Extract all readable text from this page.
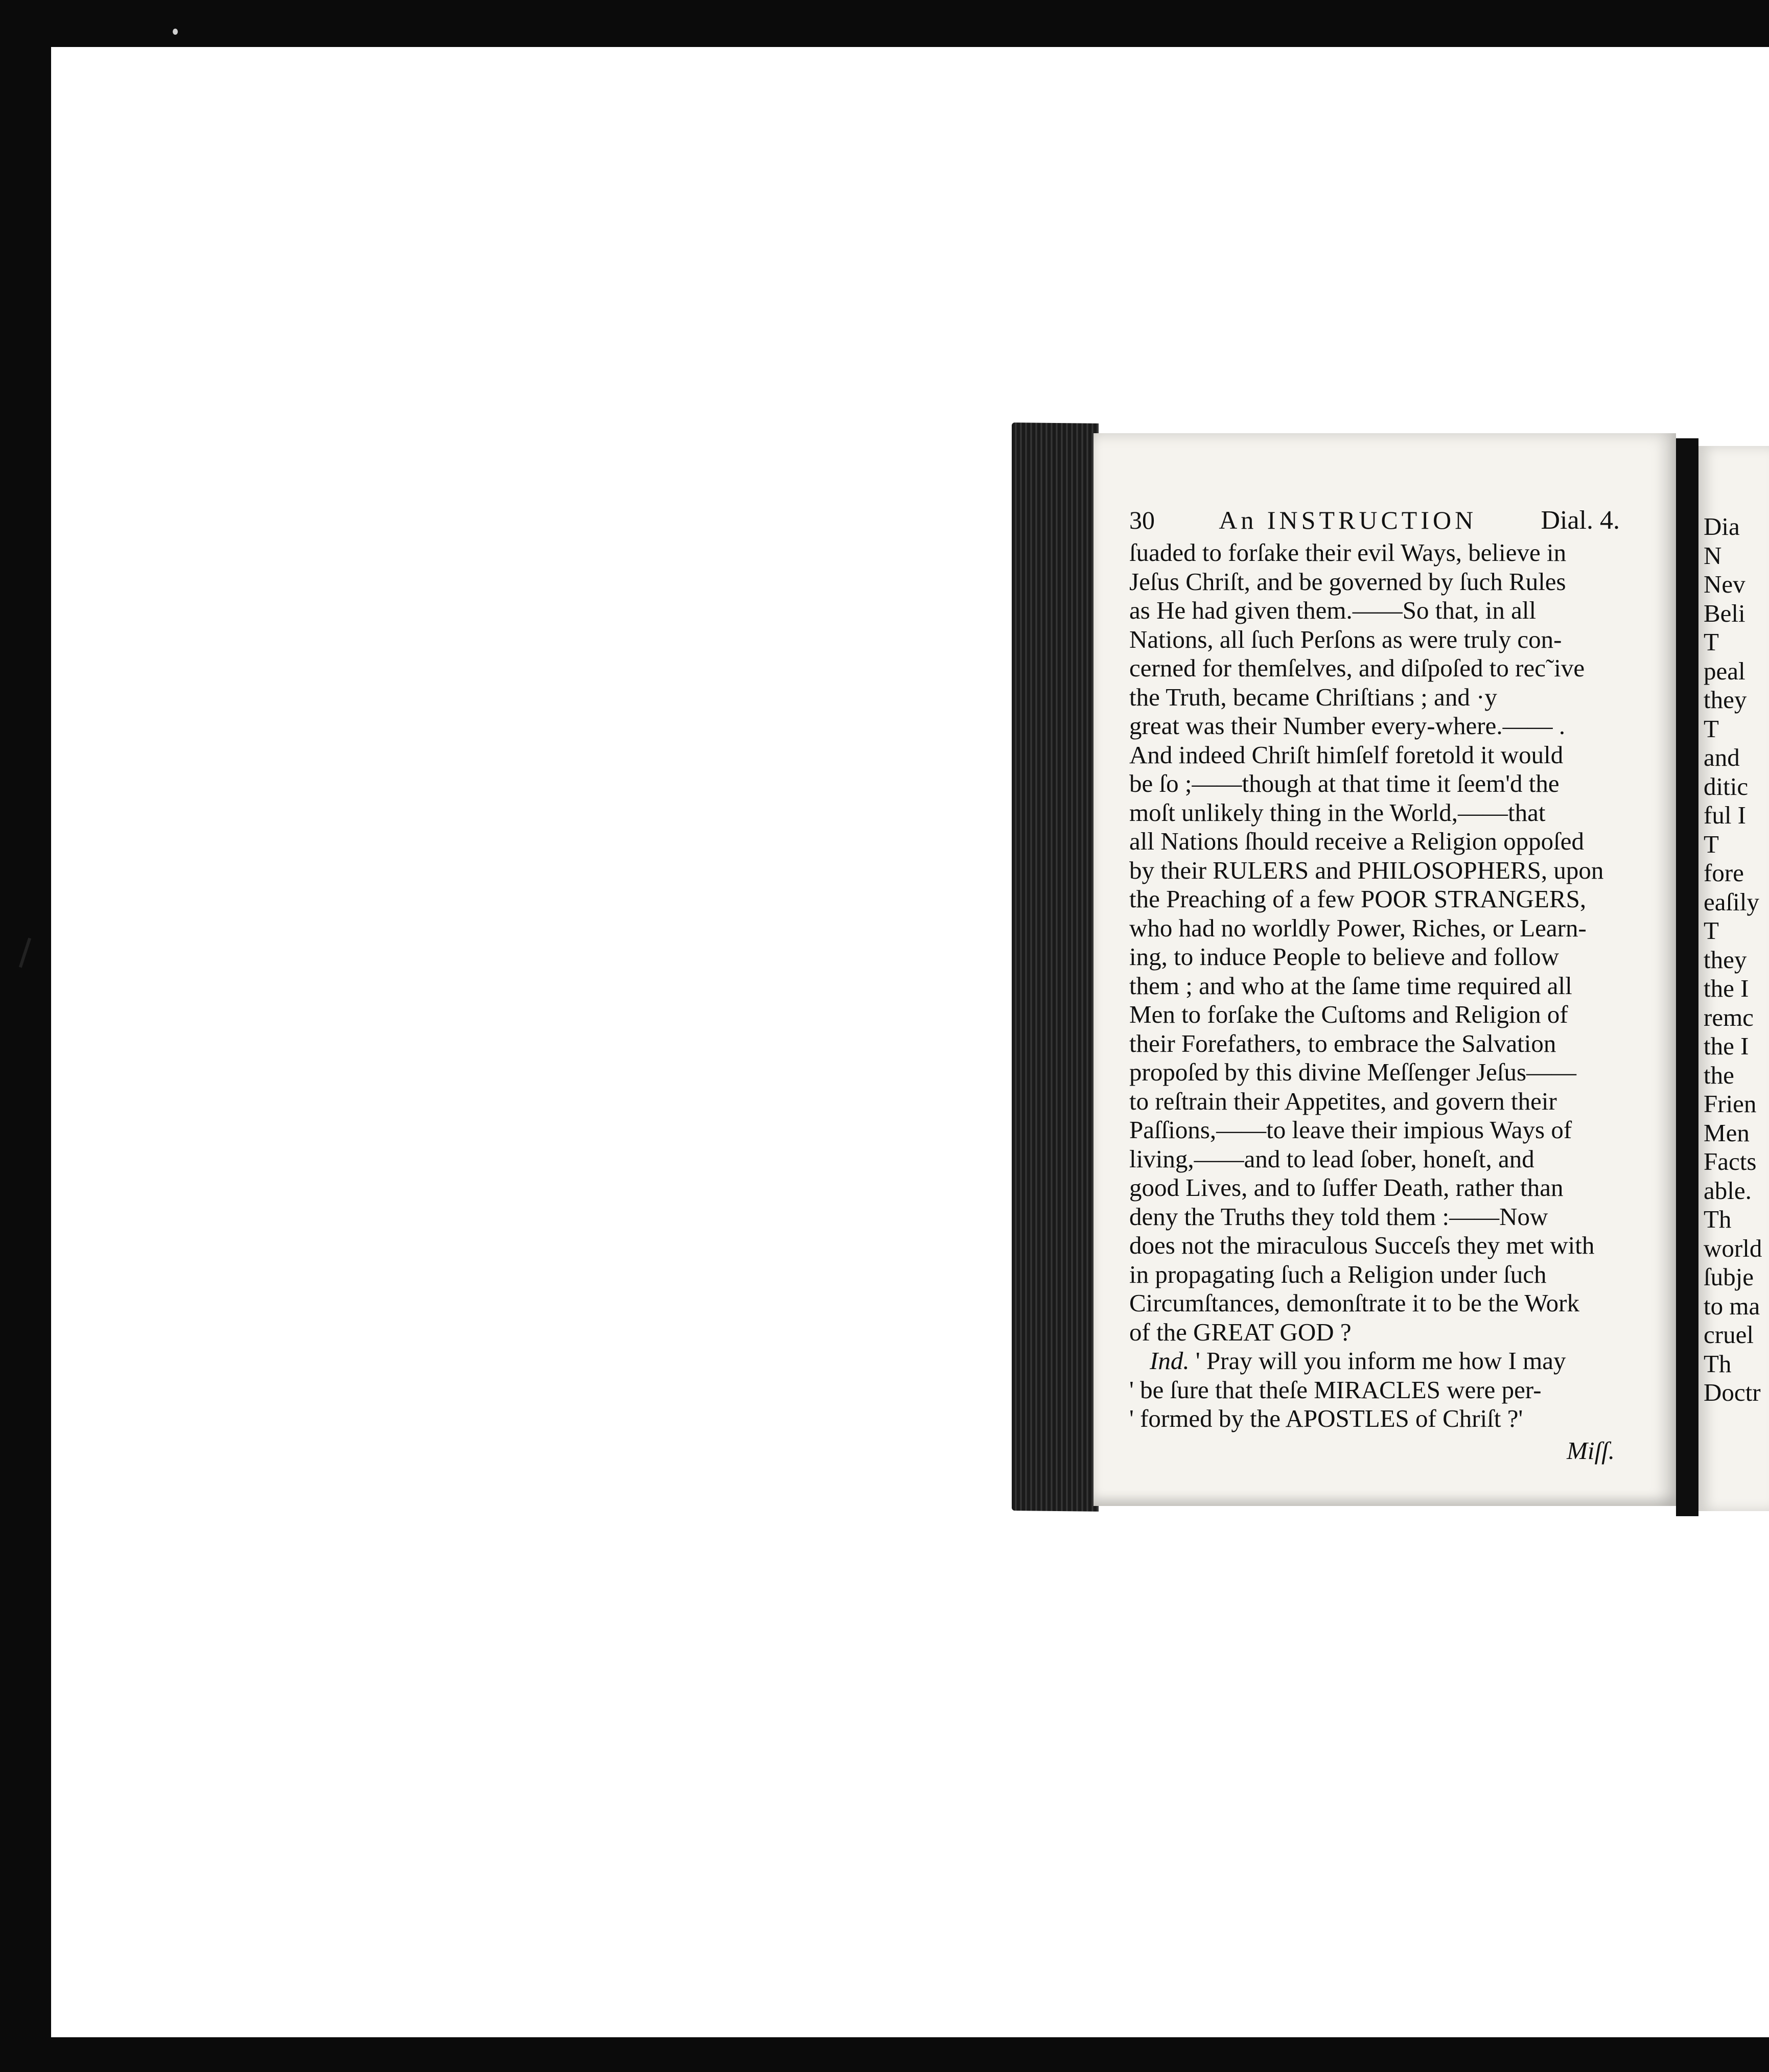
30	An INSTRUCTION Dial. 4.
ſuaded to forſake their evil Ways, believe in
Jeſus Chriſt, and be governed by ſuch Rules
as He had given them.——So that, in all
Nations, all ſuch Perſons as were truly con-
cerned for themſelves, and diſpoſed to rec˜ive
the Truth, became Chriſtians ; and ·y
great was their Number every-where.—— .
And indeed Chriſt himſelf foretold it would
be ſo ;——though at that time it ſeem'd the
moſt unlikely thing in the World,——that
all Nations ſhould receive a Religion oppoſed
by their RULERS and PHILOSOPHERS, upon
the Preaching of a few POOR STRANGERS,
who had no worldly Power, Riches, or Learn-
ing, to induce People to believe and follow
them ; and who at the ſame time required all
Men to forſake the Cuſtoms and Religion of
their Forefathers, to embrace the Salvation
propoſed by this divine Meſſenger Jeſus——
to reſtrain their Appetites, and govern their
Paſſions,——to leave their impious Ways of
living,——and to lead ſober, honeſt, and
good Lives, and to ſuffer Death, rather than
deny the Truths they told them :——Now
does not the miraculous Succeſs they met with
in propagating ſuch a Religion under ſuch
Circumſtances, demonſtrate it to be the Work
of the GREAT GOD ?
Ind. ' Pray will you inform me how I may
' be ſure that theſe MIRACLES were per-
' formed by the APOSTLES of Chriſt ?'
Miſſ.
Dia
N
Nev
Beli
T
peal
they
T
and
ditic
ful I
T
fore
eaſily
T
they
the I
remc
the I
the
Frien
Men
Facts
able.
Th
world
ſubje
to ma
cruel
Th
Doctr
